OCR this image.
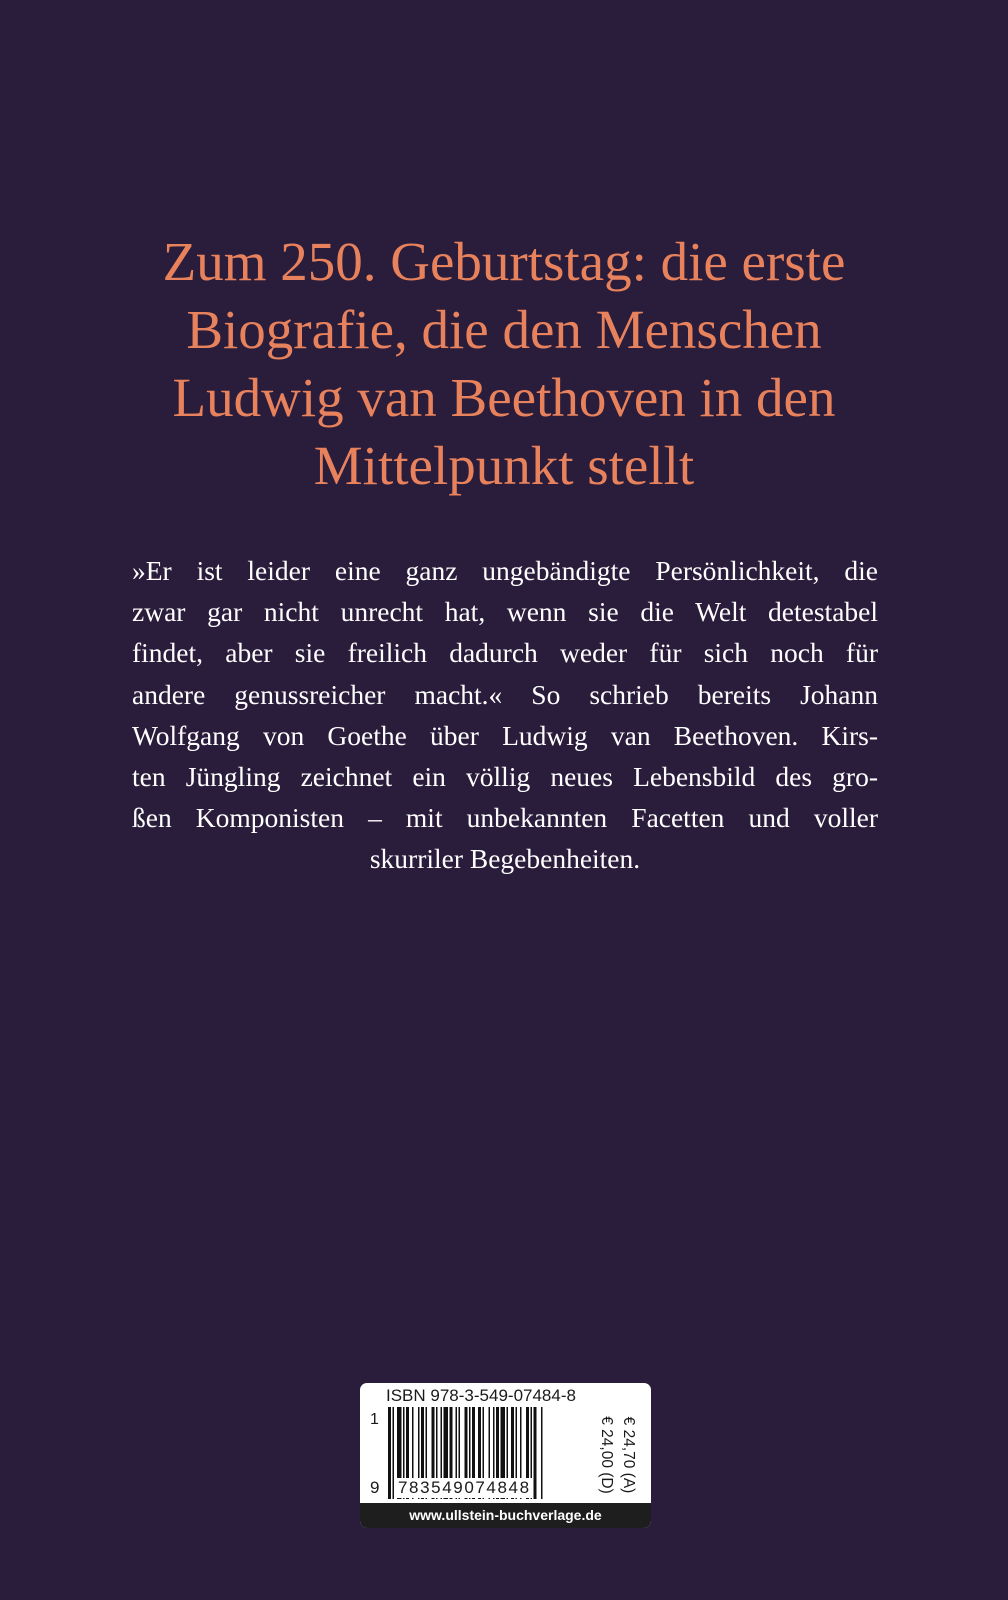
Zum 250. Geburtstag: die erste
Biografie, die den Menschen
Ludwig van Beethoven in den
Mittelpunkt stellt
»Er ist leider eine ganz ungebändigte Persönlichkeit, die
zwar gar nicht unrecht hat, wenn sie die Welt detestabel
findet, aber sie freilich dadurch weder für sich noch für
andere genussreicher macht.« So schrieb bereits Johann
Wolfgang von Goethe über Ludwig van Beethoven. Kirs-
ten Jüngling zeichnet ein völlig neues Lebensbild des gro-
ßen Komponisten – mit unbekannten Facetten und voller
skurriler Begebenheiten.
ISBN 978-3-549-07484-8
1
9 783549074848	€ 24,00 (D) € 24,70 (A)
www.ullstein-buchverlage.de
